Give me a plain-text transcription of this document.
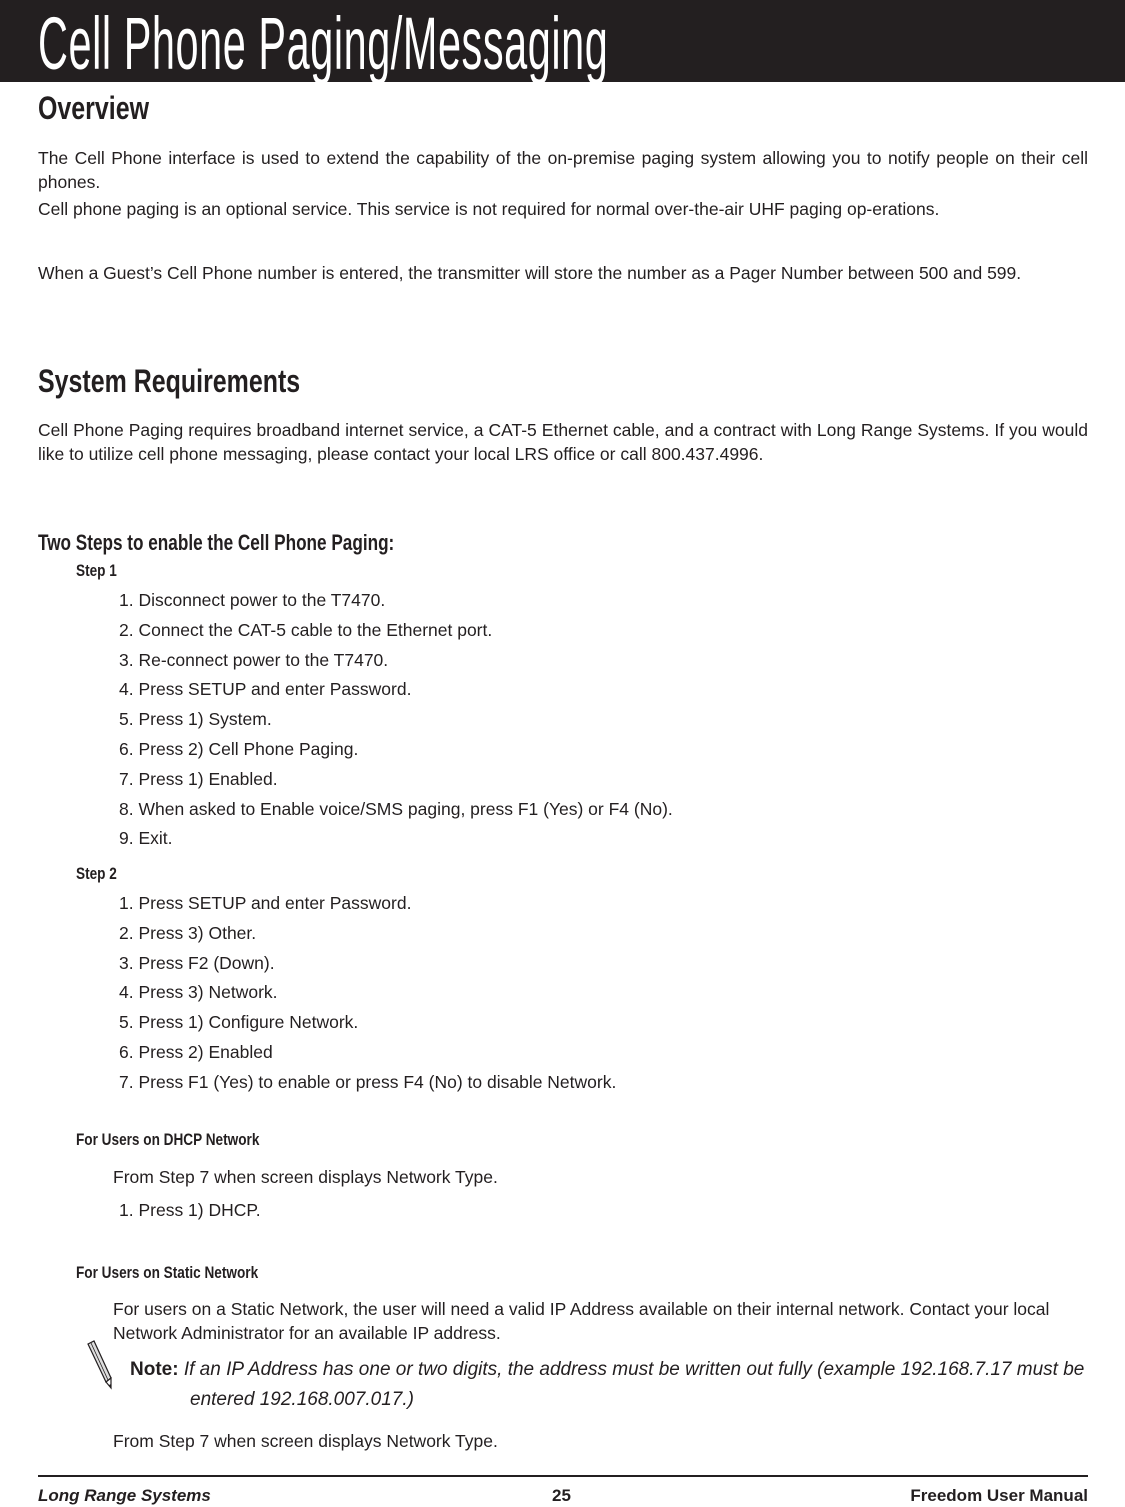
Cell Phone Paging/Messaging
Overview
The Cell Phone interface is used to extend the capability of the on-premise paging system allowing you to notify people on their cell phones.
Cell phone paging is an optional service. This service is not required for normal over-the-air UHF paging op-erations.
When a Guest’s Cell Phone number is entered, the transmitter will store the number as a Pager Number between 500 and 599.
System Requirements
Cell Phone Paging requires broadband internet service, a CAT-5 Ethernet cable, and a contract with Long Range Systems. If you would like to utilize cell phone messaging, please contact your local LRS office or call 800.437.4996.
Two Steps to enable the Cell Phone Paging:
Step 1
1. Disconnect power to the T7470.
2. Connect the CAT-5 cable to the Ethernet port.
3. Re-connect power to the T7470.
4. Press SETUP and enter Password.
5. Press 1) System.
6. Press 2) Cell Phone Paging.
7. Press 1) Enabled.
8. When asked to Enable voice/SMS paging, press F1 (Yes) or F4 (No).
9. Exit.
Step 2
1. Press SETUP and enter Password.
2. Press 3) Other.
3. Press F2 (Down).
4. Press 3) Network.
5. Press 1) Configure Network.
6. Press 2) Enabled
7. Press F1 (Yes) to enable or press F4 (No) to disable Network.
For Users on DHCP Network
From Step 7 when screen displays Network Type.
1. Press 1) DHCP.
For Users on Static Network
For users on a Static Network, the user will need a valid IP Address available on their internal network. Contact your local Network Administrator for an available IP address.
Note: If an IP Address has one or two digits, the address must be written out fully (example 192.168.7.17 must be entered 192.168.007.017.)
From Step 7 when screen displays Network Type.
Long Range Systems	25	Freedom User Manual
